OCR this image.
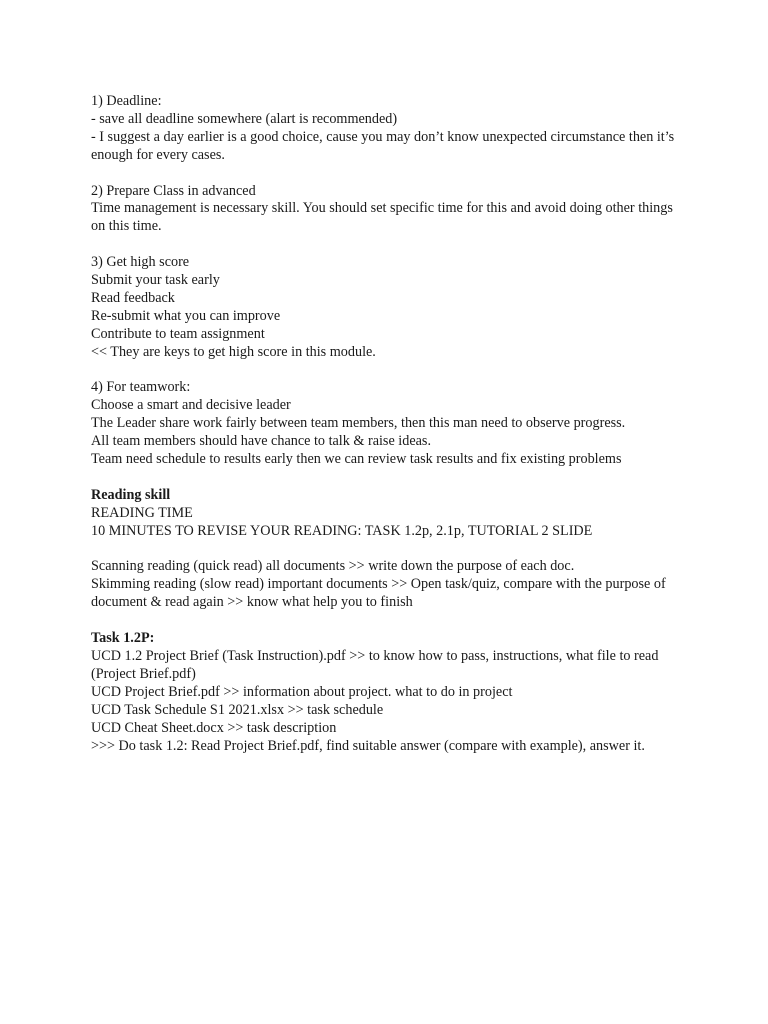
1) Deadline:
- save all deadline somewhere (alart is recommended)
- I suggest a day earlier is a good choice, cause you may don’t know unexpected circumstance then it’s enough for every cases.
2) Prepare Class in advanced
Time management is necessary skill. You should set specific time for this and avoid doing other things on this time.
3) Get high score
Submit your task early
Read feedback
Re-submit what you can improve
Contribute to team assignment
<< They are keys to get high score in this module.
4) For teamwork:
Choose a smart and decisive leader
The Leader share work fairly between team members, then this man need to observe progress.
All team members should have chance to talk & raise ideas.
Team need schedule to results early then we can review task results and fix existing problems
Reading skill
READING TIME
10 MINUTES TO REVISE YOUR READING: TASK 1.2p, 2.1p, TUTORIAL 2 SLIDE
Scanning reading (quick read) all documents >> write down the purpose of each doc.
Skimming reading (slow read) important documents >> Open task/quiz, compare with the purpose of document & read again >> know what help you to finish
Task 1.2P:
UCD 1.2 Project Brief (Task Instruction).pdf >> to know how to pass, instructions, what file to read (Project Brief.pdf)
UCD Project Brief.pdf >> information about project. what to do in project
UCD Task Schedule S1 2021.xlsx >> task schedule
UCD Cheat Sheet.docx >> task description
>>> Do task 1.2: Read Project Brief.pdf, find suitable answer (compare with example), answer it.
